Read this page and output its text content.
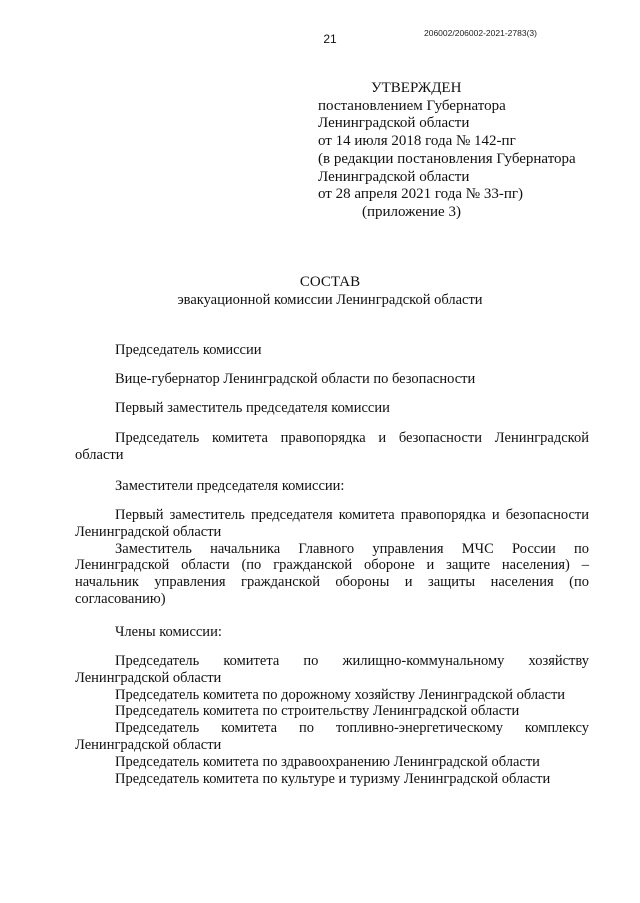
206002/206002-2021-2783(3)
21
УТВЕРЖДЕН
постановлением Губернатора
Ленинградской области
от 14 июля 2018 года № 142-пг
(в редакции постановления Губернатора
Ленинградской области
от 28 апреля 2021 года № 33-пг)
(приложение 3)
СОСТАВ
эвакуационной комиссии Ленинградской области

Председатель комиссии

Вице-губернатор Ленинградской области по безопасности

Первый заместитель председателя комиссии

Председатель комитета правопорядка и безопасности Ленинградской области

Заместители председателя комиссии:

Первый заместитель председателя комитета правопорядка и безопасности Ленинградской области

Заместитель начальника Главного управления МЧС России по Ленинградской области (по гражданской обороне и защите населения) – начальник управления гражданской обороны и защиты населения (по согласованию)

Члены комиссии:

Председатель комитета по жилищно-коммунальному хозяйству Ленинградской области

Председатель комитета по дорожному хозяйству Ленинградской области

Председатель комитета по строительству Ленинградской области

Председатель комитета по топливно-энергетическому комплексу Ленинградской области

Председатель комитета по здравоохранению Ленинградской области

Председатель комитета по культуре и туризму Ленинградской области
